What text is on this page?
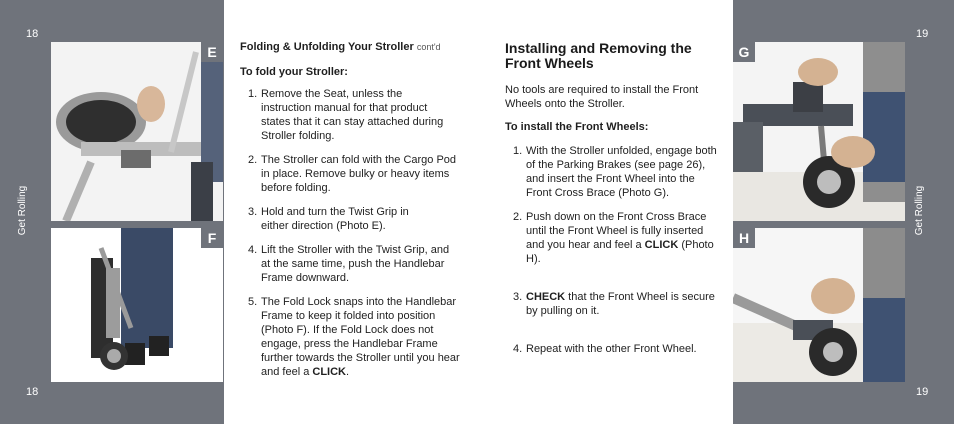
18
18
Get Rolling
E
F

Folding & Unfolding Your Stroller cont'd

To fold your Stroller:

1. Remove the Seat, unless the instruction manual for that product states that it can stay attached during Stroller folding.
2. The Stroller can fold with the Cargo Pod in place. Remove bulky or heavy items before folding.
3. Hold and turn the Twist Grip in either direction (Photo E).
4. Lift the Stroller with the Twist Grip, and at the same time, push the Handlebar Frame downward.
5. The Fold Lock snaps into the Handlebar Frame to keep it folded into position (Photo F). If the Fold Lock does not engage, press the Handlebar Frame further towards the Stroller until you hear and feel a CLICK.
Installing and Removing the
Front Wheels

No tools are required to install the Front Wheels onto the Stroller.

To install the Front Wheels:

1. With the Stroller unfolded, engage both of the Parking Brakes (see page 26), and insert the Front Wheel into the Front Cross Brace (Photo G).
2. Push down on the Front Cross Brace until the Front Wheel is fully inserted and you hear and feel a CLICK (Photo H).
3. CHECK that the Front Wheel is secure by pulling on it.
4. Repeat with the other Front Wheel.
19
19
Get Rolling
G
H
